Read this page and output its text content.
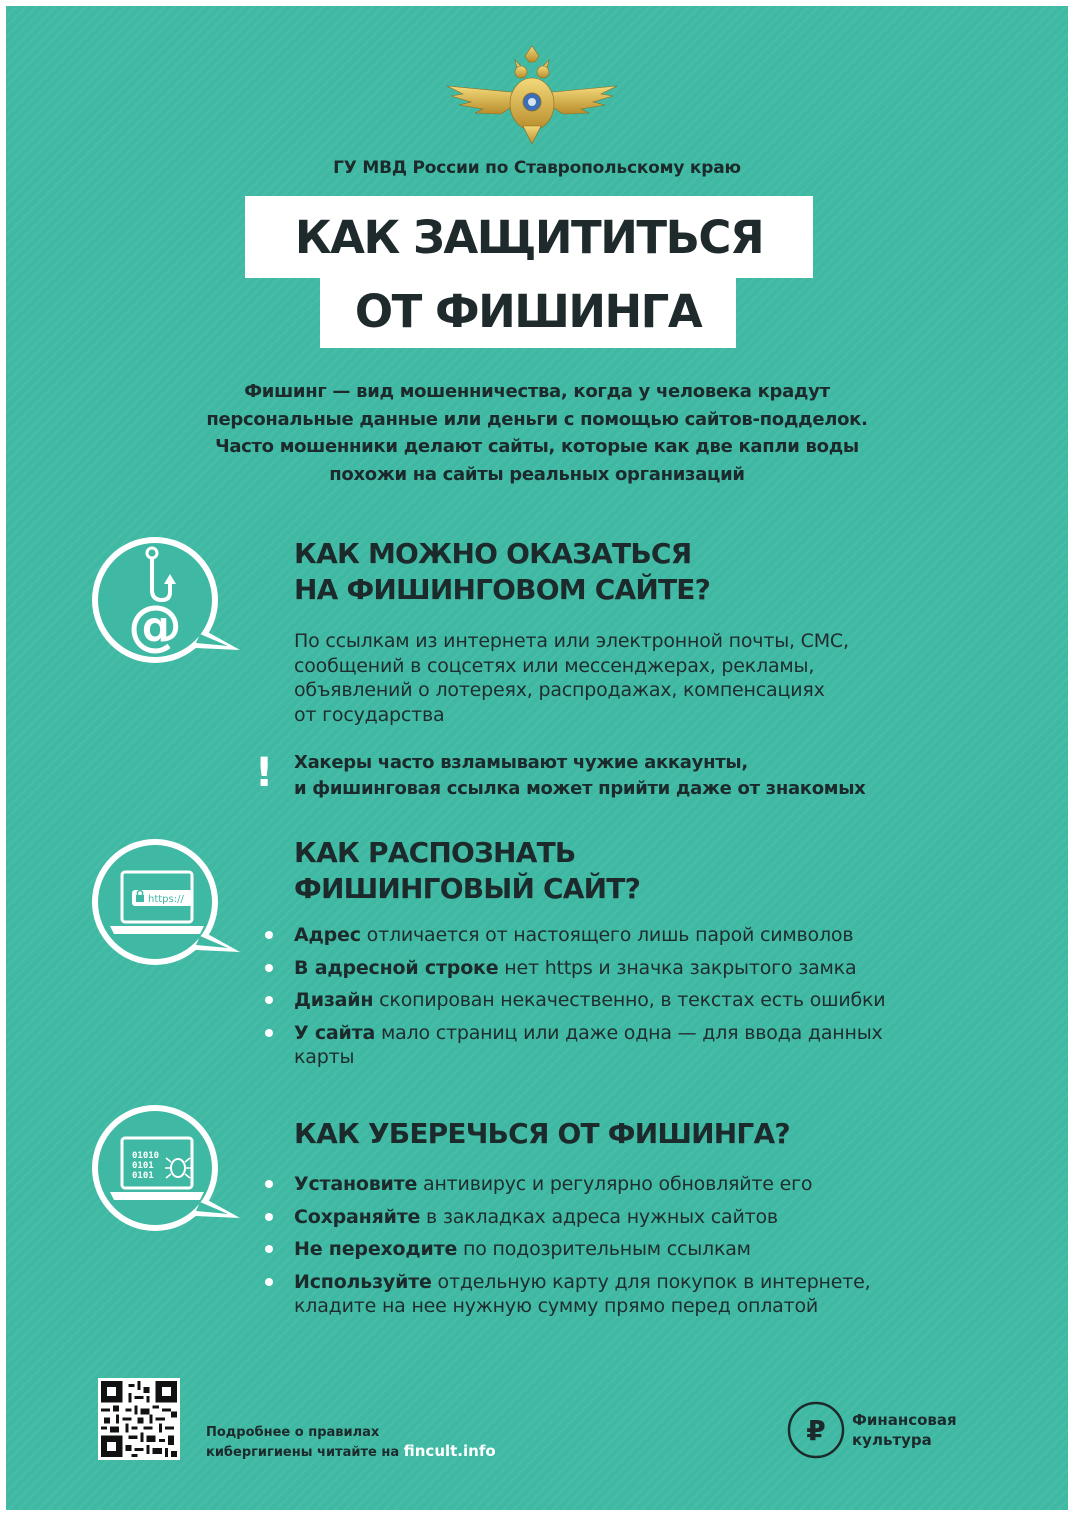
ГУ МВД России по Ставропольскому краю
КАК ЗАЩИТИТЬСЯ
ОТ ФИШИНГА
Фишинг — вид мошенничества, когда у человека крадут
персональные данные или деньги с помощью сайтов-подделок.
Часто мошенники делают сайты, которые как две капли воды
похожи на сайты реальных организаций
@
КАК МОЖНО ОКАЗАТЬСЯ
НА ФИШИНГОВОМ САЙТЕ?
По ссылкам из интернета или электронной почты, СМС,
сообщений в соцсетях или мессенджерах, рекламы,
объявлений о лотереях, распродажах, компенсациях
от государства
! Хакеры часто взламывают чужие аккаунты,
и фишинговая ссылка может прийти даже от знакомых
https://
КАК РАСПОЗНАТЬ
ФИШИНГОВЫЙ САЙТ?
Адрес отличается от настоящего лишь парой символов
В адресной строке нет https и значка закрытого замка
Дизайн скопирован некачественно, в текстах есть ошибки
У сайта мало страниц или даже одна — для ввода данных
карты
01010
0101
0101
КАК УБЕРЕЧЬСЯ ОТ ФИШИНГА?
Установите антивирус и регулярно обновляйте его
Сохраняйте в закладках адреса нужных сайтов
Не переходите по подозрительным ссылкам
Используйте отдельную карту для покупок в интернете,
кладите на нее нужную сумму прямо перед оплатой
Подробнее о правилах
кибергигиены читайте на fincult.info
₽ Финансовая
культура
